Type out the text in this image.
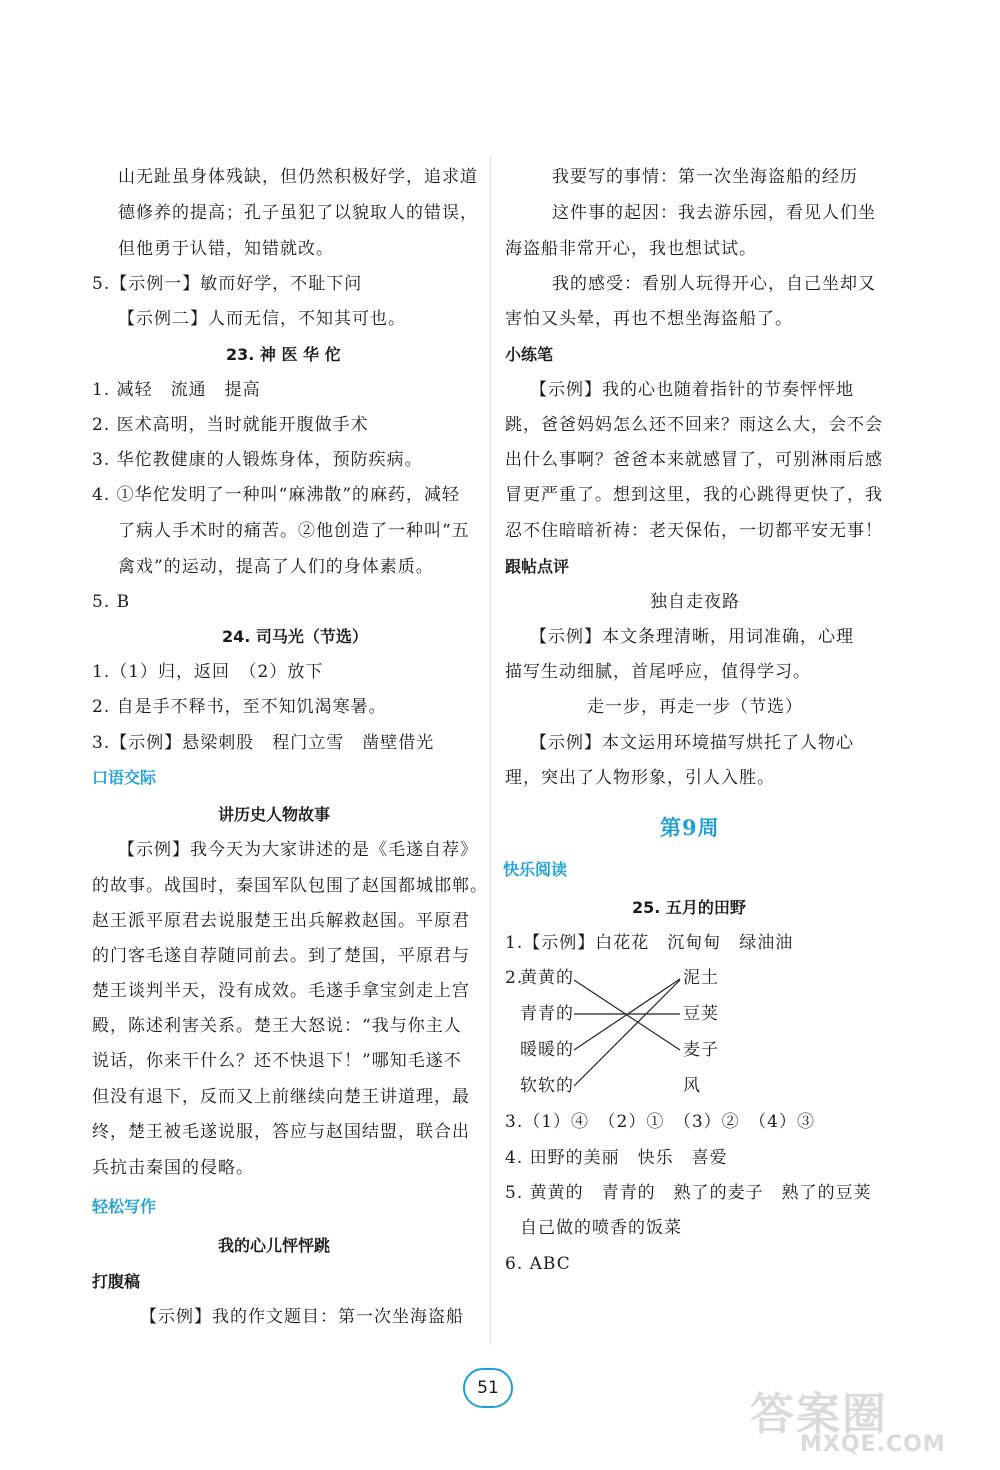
山无趾虽身体残缺，但仍然积极好学，追求道
德修养的提高；孔子虽犯了以貌取人的错误，
但他勇于认错，知错就改。
5.【示例一】敏而好学，不耻下问
【示例二】人而无信，不知其可也。
23. 神 医 华 佗
1. 减轻　流通　提高
2. 医术高明，当时就能开腹做手术
3. 华佗教健康的人锻炼身体，预防疾病。
4. ①华佗发明了一种叫“麻沸散”的麻药，减轻
了病人手术时的痛苦。②他创造了一种叫“五
禽戏”的运动，提高了人们的身体素质。
5. B
24. 司马光（节选）
1.（1）归，返回　（2）放下
2. 自是手不释书，至不知饥渴寒暑。
3.【示例】悬梁刺股　程门立雪　凿壁借光
口语交际
讲历史人物故事
【示例】我今天为大家讲述的是《毛遂自荐》
的故事。战国时，秦国军队包围了赵国都城邯郸。
赵王派平原君去说服楚王出兵解救赵国。平原君
的门客毛遂自荐随同前去。到了楚国，平原君与
楚王谈判半天，没有成效。毛遂手拿宝剑走上宫
殿，陈述利害关系。楚王大怒说：“我与你主人
说话，你来干什么？还不快退下！”哪知毛遂不
但没有退下，反而又上前继续向楚王讲道理，最
终，楚王被毛遂说服，答应与赵国结盟，联合出
兵抗击秦国的侵略。
轻松写作
我的心儿怦怦跳
打腹稿
【示例】我的作文题目：第一次坐海盗船
我要写的事情：第一次坐海盗船的经历
这件事的起因：我去游乐园，看见人们坐
海盗船非常开心，我也想试试。
我的感受：看别人玩得开心，自己坐却又
害怕又头晕，再也不想坐海盗船了。
小练笔
【示例】我的心也随着指针的节奏怦怦地
跳，爸爸妈妈怎么还不回来？雨这么大，会不会
出什么事啊？爸爸本来就感冒了，可别淋雨后感
冒更严重了。想到这里，我的心跳得更快了，我
忍不住暗暗祈祷：老天保佑，一切都平安无事！
跟帖点评
独自走夜路
【示例】本文条理清晰，用词准确，心理
描写生动细腻，首尾呼应，值得学习。
走一步，再走一步（节选）
【示例】本文运用环境描写烘托了人物心
理，突出了人物形象，引人入胜。
第9周
快乐阅读
25. 五月的田野
1.【示例】白花花　沉甸甸　绿油油
2.
黄黄的
青青的
暖暖的
软软的
泥土
豆荚
麦子
风
3.（1）④　（2）①　（3）②　（4）③
4. 田野的美丽　快乐　喜爱
5. 黄黄的　青青的　熟了的麦子　熟了的豆荚
自己做的喷香的饭菜
6. ABC
51
答案圈
MXQE.COM
